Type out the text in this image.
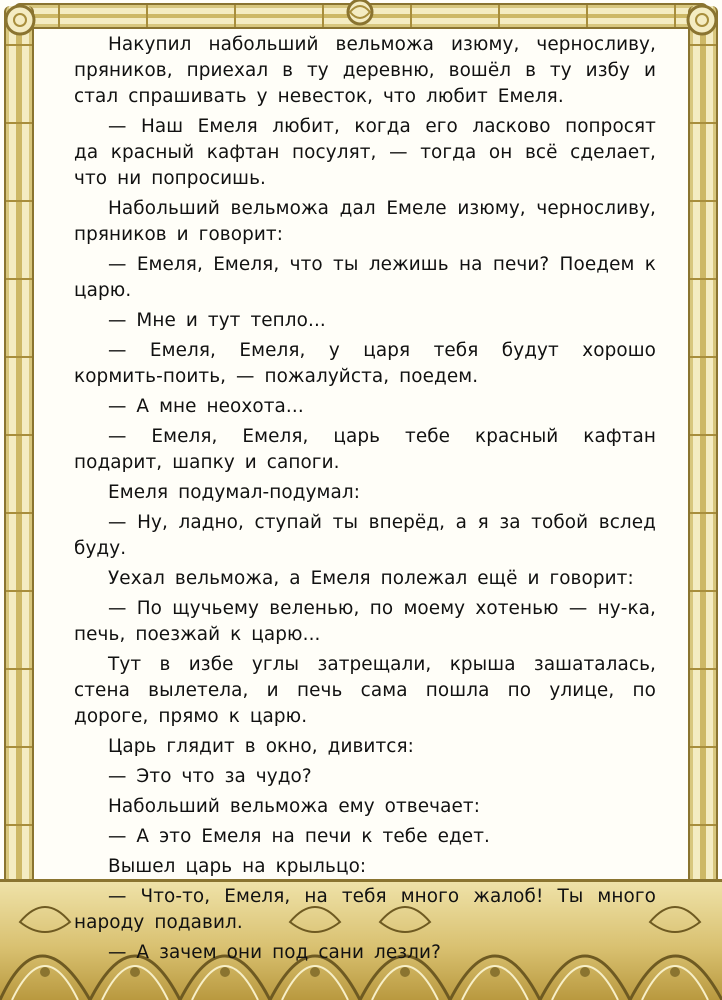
Накупил набольший вельможа изюму, черносливу, пряников, приехал в ту деревню, вошёл в ту избу и стал спрашивать у невесток, что любит Емеля.

— Наш Емеля любит, когда его ласково попросят да красный кафтан посулят, — тогда он всё сделает, что ни попросишь.

Набольший вельможа дал Емеле изюму, черносливу, пряников и говорит:

— Емеля, Емеля, что ты лежишь на печи? Поедем к царю.

— Мне и тут тепло...

— Емеля, Емеля, у царя тебя будут хорошо кормить-поить, — пожалуйста, поедем.

— А мне неохота...

— Емеля, Емеля, царь тебе красный кафтан подарит, шапку и сапоги.

Емеля подумал-подумал:

— Ну, ладно, ступай ты вперёд, а я за тобой вслед буду.

Уехал вельможа, а Емеля полежал ещё и говорит:

— По щучьему веленью, по моему хотенью — ну-ка, печь, поезжай к царю...

Тут в избе углы затрещали, крыша зашаталась, стена вылетела, и печь сама пошла по улице, по дороге, прямо к царю.

Царь глядит в окно, дивится:

— Это что за чудо?

Набольший вельможа ему отвечает:

— А это Емеля на печи к тебе едет.

Вышел царь на крыльцо:

— Что-то, Емеля, на тебя много жалоб! Ты много народу подавил.

— А зачем они под сани лезли?
